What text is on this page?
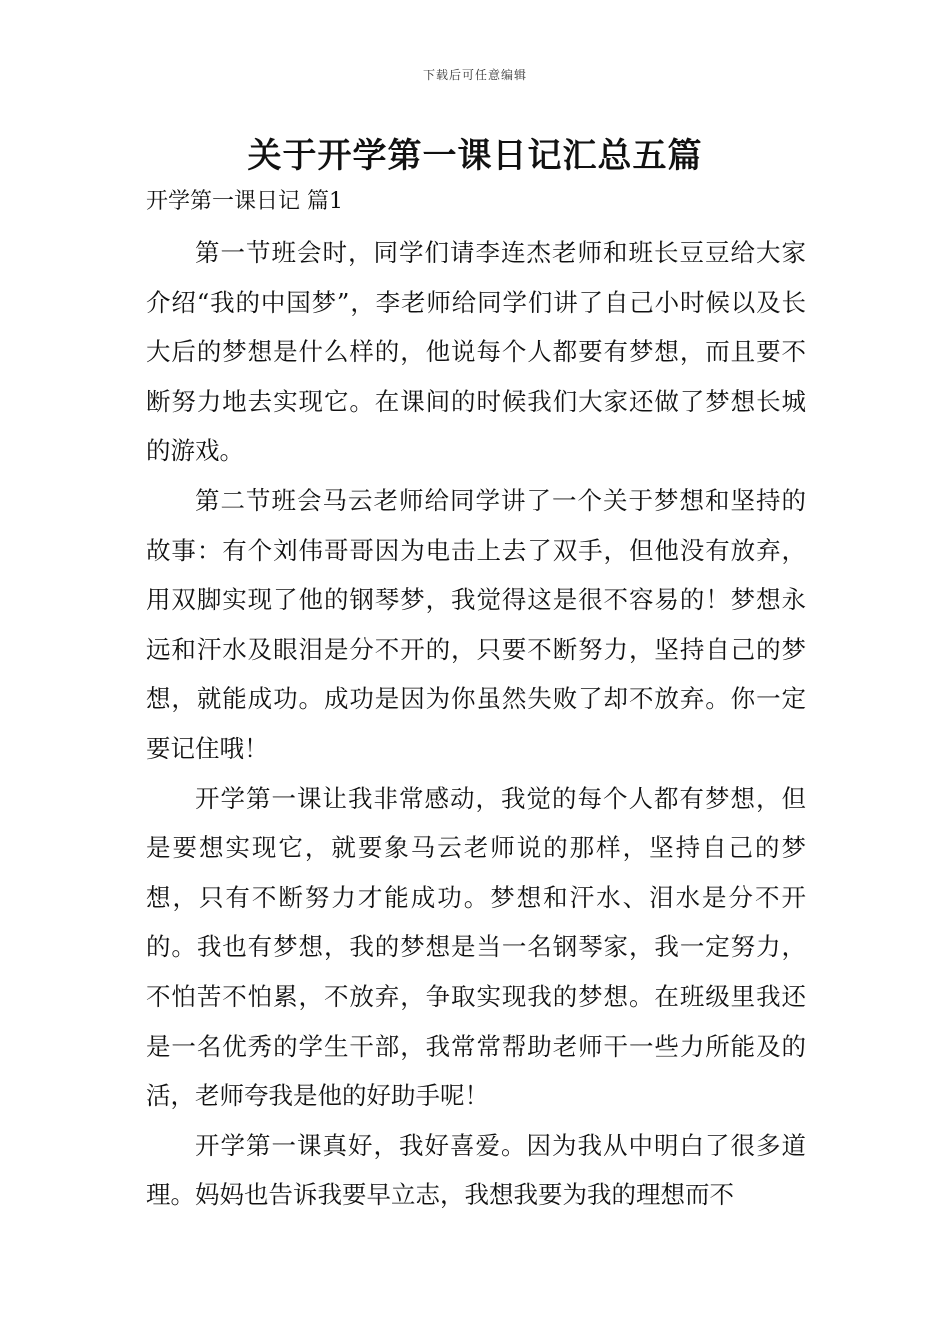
下载后可任意编辑
关于开学第一课日记汇总五篇
开学第一课日记 篇1

第一节班会时，同学们请李连杰老师和班长豆豆给大家介绍“我的中国梦”，李老师给同学们讲了自己小时候以及长大后的梦想是什么样的，他说每个人都要有梦想，而且要不断努力地去实现它。在课间的时候我们大家还做了梦想长城的游戏。

第二节班会马云老师给同学讲了一个关于梦想和坚持的故事：有个刘伟哥哥因为电击上去了双手，但他没有放弃，用双脚实现了他的钢琴梦，我觉得这是很不容易的！梦想永远和汗水及眼泪是分不开的，只要不断努力，坚持自己的梦想，就能成功。成功是因为你虽然失败了却不放弃。你一定要记住哦！

开学第一课让我非常感动，我觉的每个人都有梦想，但是要想实现它，就要象马云老师说的那样，坚持自己的梦想，只有不断努力才能成功。梦想和汗水、泪水是分不开的。我也有梦想，我的梦想是当一名钢琴家，我一定努力，不怕苦不怕累，不放弃，争取实现我的梦想。在班级里我还是一名优秀的学生干部，我常常帮助老师干一些力所能及的活，老师夸我是他的好助手呢！

开学第一课真好，我好喜爱。因为我从中明白了很多道理。妈妈也告诉我要早立志，我想我要为我的理想而不
